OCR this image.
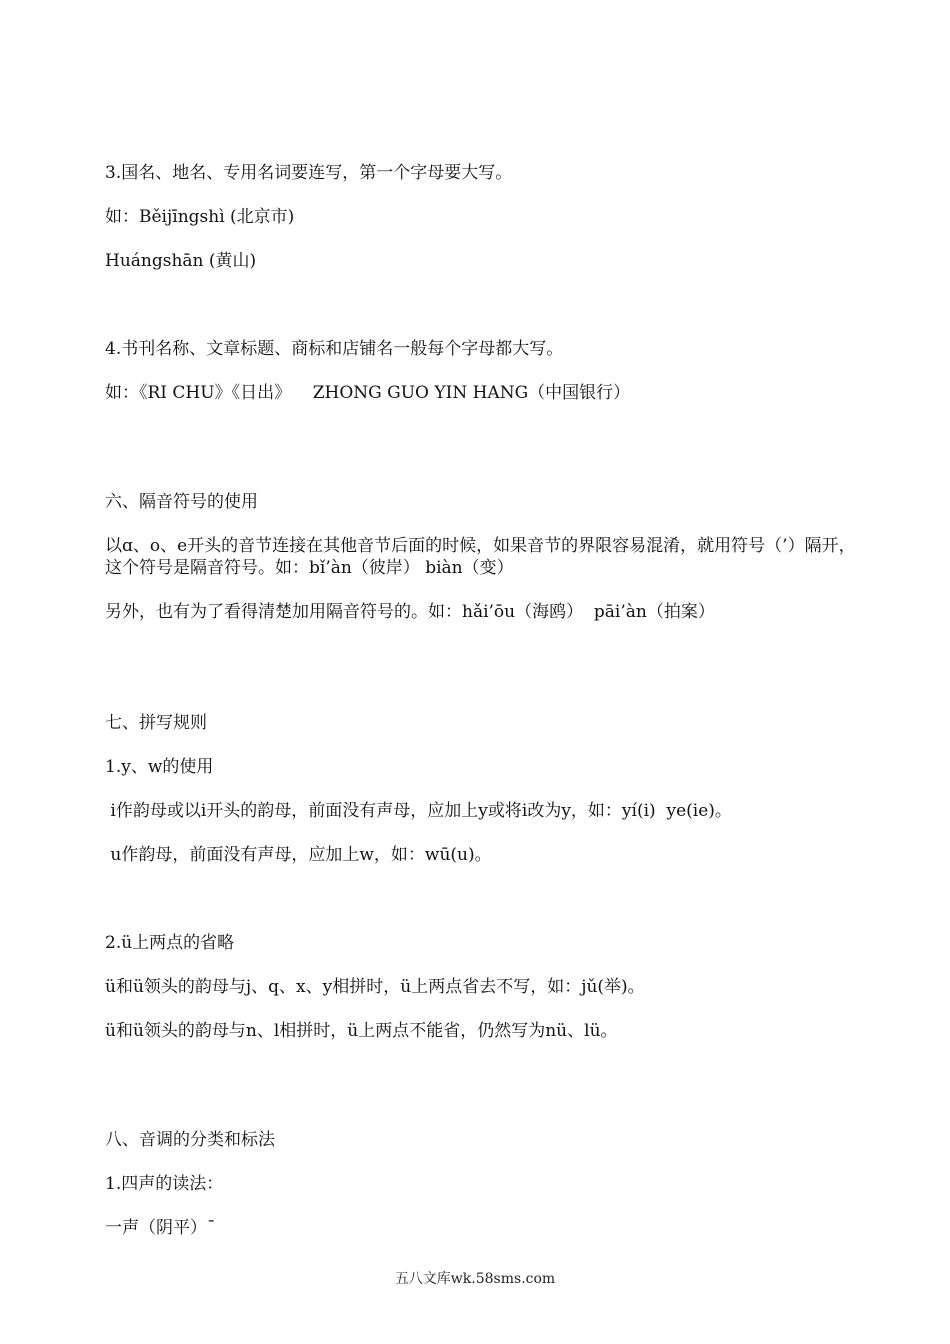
3.国名、地名、专用名词要连写，第一个字母要大写。
如：Běijīngshì (北京市)
Huángshān (黄山)
4.书刊名称、文章标题、商标和店铺名一般每个字母都大写。
如：《RI CHU》《日出》    ZHONG GUO YIN HANG（中国银行）
六、隔音符号的使用
以ɑ、o、e开头的音节连接在其他音节后面的时候，如果音节的界限容易混淆，就用符号（’）隔开，这个符号是隔音符号。如：bǐ’àn（彼岸） biàn（变）
另外，也有为了看得清楚加用隔音符号的。如：hǎi’ōu（海鸥）  pāi’àn（拍案）
七、拼写规则
1.y、w的使用
i作韵母或以i开头的韵母，前面没有声母，应加上y或将i改为y，如：yí(i)  ye(ie)。
u作韵母，前面没有声母，应加上w，如：wū(u)。
2.ü上两点的省略
ü和ü领头的韵母与j、q、x、y相拼时，ü上两点省去不写，如：jǔ(举)。
ü和ü领头的韵母与n、l相拼时，ü上两点不能省，仍然写为nü、lü。
八、音调的分类和标法
1.四声的读法：
一声（阴平）ˉ
五八文库wk.58sms.com
